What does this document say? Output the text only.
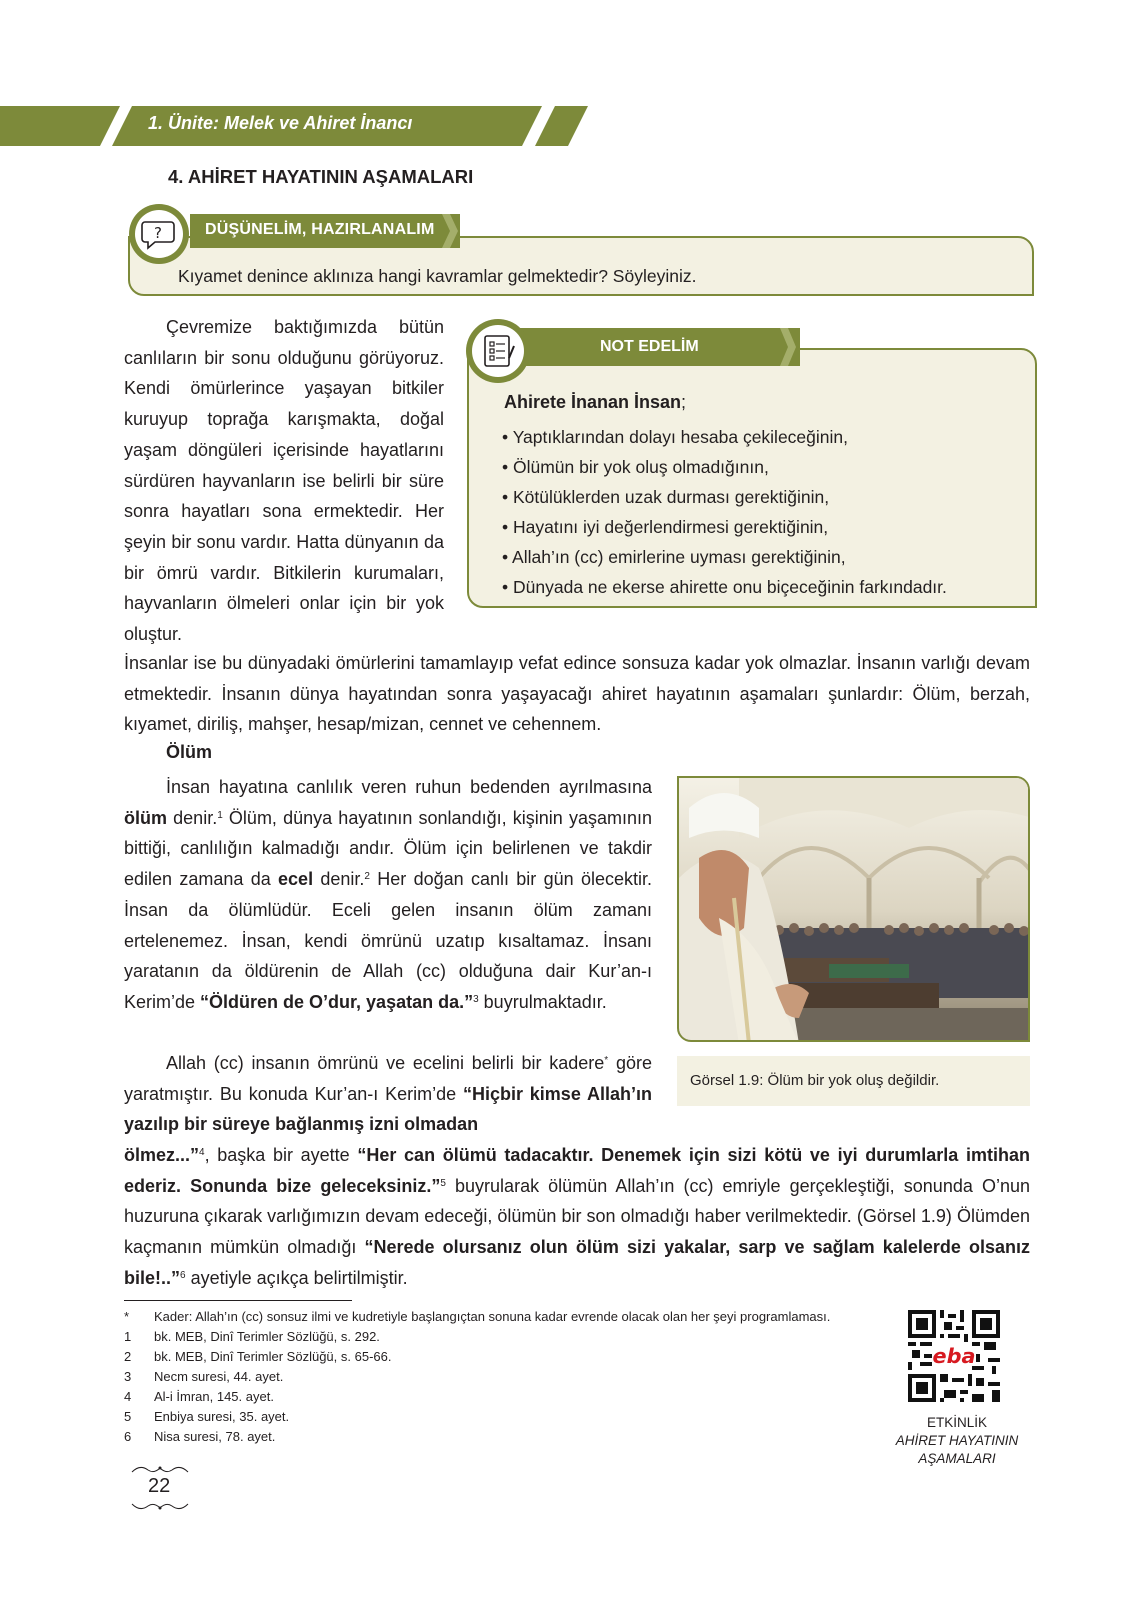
1. Ünite: Melek ve Ahiret İnancı
4. AHİRET HAYATININ AŞAMALARI
DÜŞÜNELİM, HAZIRLANALIM
?
Kıyamet denince aklınıza hangi kavramlar gelmektedir? Söyleyiniz.
Çevremize baktığımızda bütün canlıların bir sonu olduğunu görüyoruz. Kendi ömürlerince yaşayan bitkiler kuruyup toprağa karışmakta, doğal yaşam döngüleri içerisinde hayatlarını sürdüren hayvanların ise belirli bir süre sonra hayatları sona ermektedir. Her şeyin bir sonu vardır. Hatta dünyanın da bir ömrü vardır. Bitkilerin kurumaları, hayvanların ölmeleri onlar için bir yok oluştur.
NOT EDELİM
Ahirete İnanan İnsan;
• Yaptıklarından dolayı hesaba çekileceğinin,
• Ölümün bir yok oluş olmadığının,
• Kötülüklerden uzak durması gerektiğinin,
• Hayatını iyi değerlendirmesi gerektiğinin,
• Allah’ın (cc) emirlerine uyması gerektiğinin,
• Dünyada ne ekerse ahirette onu biçeceğinin farkındadır.
İnsanlar ise bu dünyadaki ömürlerini tamamlayıp vefat edince sonsuza kadar yok olmazlar. İnsanın varlığı devam etmektedir. İnsanın dünya hayatından sonra yaşayacağı ahiret hayatının aşamaları şunlardır: Ölüm, berzah, kıyamet, diriliş, mahşer, hesap/mizan, cennet ve cehennem.
Ölüm
İnsan hayatına canlılık veren ruhun bedenden ayrılmasına ölüm denir.$^1$ Ölüm, dünya hayatının sonlandığı, kişinin yaşamının bittiği, canlılığın kalmadığı andır. Ölüm için belirlenen ve takdir edilen zamana da ecel denir.$^2$ Her doğan canlı bir gün ölecektir. İnsan da ölümlüdür. Eceli gelen insanın ölüm zamanı ertelenemez. İnsan, kendi ömrünü uzatıp kısaltamaz. İnsanı yaratanın da öldürenin de Allah (cc) olduğuna dair Kur’an-ı Kerim’de “Öldüren de O’dur, yaşatan da.”$^3$ buyrulmaktadır.
Allah (cc) insanın ömrünü ve ecelini belirli bir kadere* göre yaratmıştır. Bu konuda Kur’an-ı Kerim’de “Hiçbir kimse Allah’ın yazılıp bir süreye bağlanmış izni olmadan
ölmez...”$^4$, başka bir ayette “Her can ölümü tadacaktır. Denemek için sizi kötü ve iyi durumlarla imtihan ederiz. Sonunda bize geleceksiniz.”$^5$ buyrularak ölümün Allah’ın (cc) emriyle gerçekleştiği, sonunda O’nun huzuruna çıkarak varlığımızın devam edeceği, ölümün bir son olmadığı haber verilmektedir. (Görsel 1.9) Ölümden kaçmanın mümkün olmadığı “Nerede olursanız olun ölüm sizi yakalar, sarp ve sağlam kalelerde olsanız bile!..”$^6$ ayetiyle açıkça belirtilmiştir.
Görsel 1.9: Ölüm bir yok oluş değildir.
*	Kader: Allah’ın (cc) sonsuz ilmi ve kudretiyle başlangıçtan sonuna kadar evrende olacak olan her şeyi programlaması.
1	bk. MEB, Dinî Terimler Sözlüğü, s. 292.
2	bk. MEB, Dinî Terimler Sözlüğü, s. 65-66.
3	Necm suresi, 44. ayet.
4	Al-i İmran, 145. ayet.
5	Enbiya suresi, 35. ayet.
6	Nisa suresi, 78. ayet.
eba
ETKİNLİK
AHİRET HAYATININ
AŞAMALARI
22
